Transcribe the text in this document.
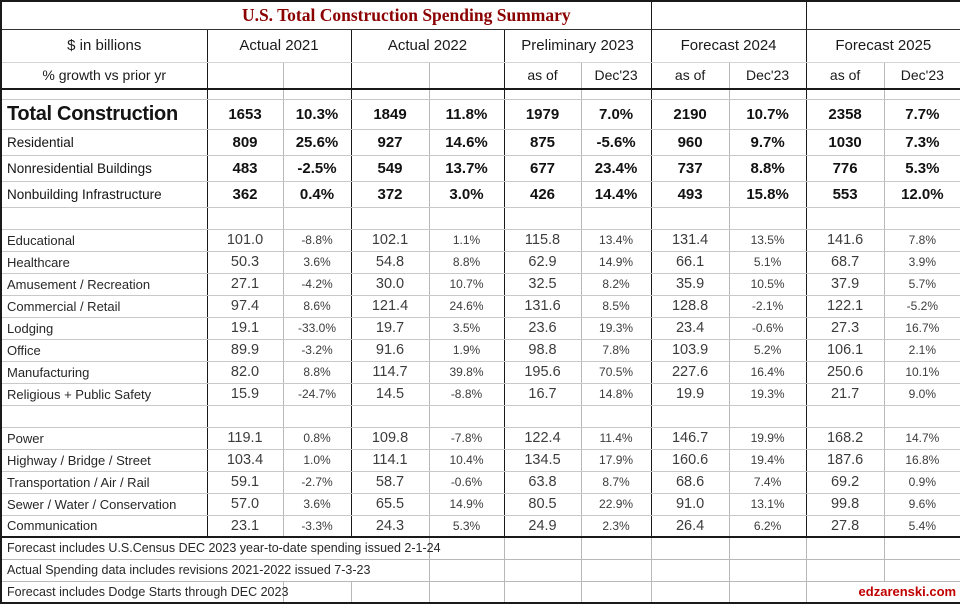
U.S. Total Construction Spending Summary										
$ in billions	Actual 2021		Actual 2022		Preliminary 2023		Forecast 2024		Forecast 2025	
% growth vs prior yr					as of	Dec'23	as of	Dec'23	as of	Dec'23

Total Construction	1653	10.3%	1849	11.8%	1979	7.0%	2190	10.7%	2358	7.7%
Residential	809	25.6%	927	14.6%	875	-5.6%	960	9.7%	1030	7.3%
Nonresidential Buildings	483	-2.5%	549	13.7%	677	23.4%	737	8.8%	776	5.3%
Nonbuilding Infrastructure	362	0.4%	372	3.0%	426	14.4%	493	15.8%	553	12.0%

Educational	101.0	-8.8%	102.1	1.1%	115.8	13.4%	131.4	13.5%	141.6	7.8%
Healthcare	50.3	3.6%	54.8	8.8%	62.9	14.9%	66.1	5.1%	68.7	3.9%
Amusement / Recreation	27.1	-4.2%	30.0	10.7%	32.5	8.2%	35.9	10.5%	37.9	5.7%
Commercial / Retail	97.4	8.6%	121.4	24.6%	131.6	8.5%	128.8	-2.1%	122.1	-5.2%
Lodging	19.1	-33.0%	19.7	3.5%	23.6	19.3%	23.4	-0.6%	27.3	16.7%
Office	89.9	-3.2%	91.6	1.9%	98.8	7.8%	103.9	5.2%	106.1	2.1%
Manufacturing	82.0	8.8%	114.7	39.8%	195.6	70.5%	227.6	16.4%	250.6	10.1%
Religious + Public Safety	15.9	-24.7%	14.5	-8.8%	16.7	14.8%	19.9	19.3%	21.7	9.0%

Power	119.1	0.8%	109.8	-7.8%	122.4	11.4%	146.7	19.9%	168.2	14.7%
Highway / Bridge / Street	103.4	1.0%	114.1	10.4%	134.5	17.9%	160.6	19.4%	187.6	16.8%
Transportation / Air / Rail	59.1	-2.7%	58.7	-0.6%	63.8	8.7%	68.6	7.4%	69.2	0.9%
Sewer / Water / Conservation	57.0	3.6%	65.5	14.9%	80.5	22.9%	91.0	13.1%	99.8	9.6%
Communication	23.1	-3.3%	24.3	5.3%	24.9	2.3%	26.4	6.2%	27.8	5.4%
Forecast includes U.S.Census DEC 2023 year-to-date spending issued 2-1-24										
Actual Spending data includes revisions 2021-2022 issued 7-3-23										
Forecast includes Dodge Starts through DEC 2023									edzarenski.com	
